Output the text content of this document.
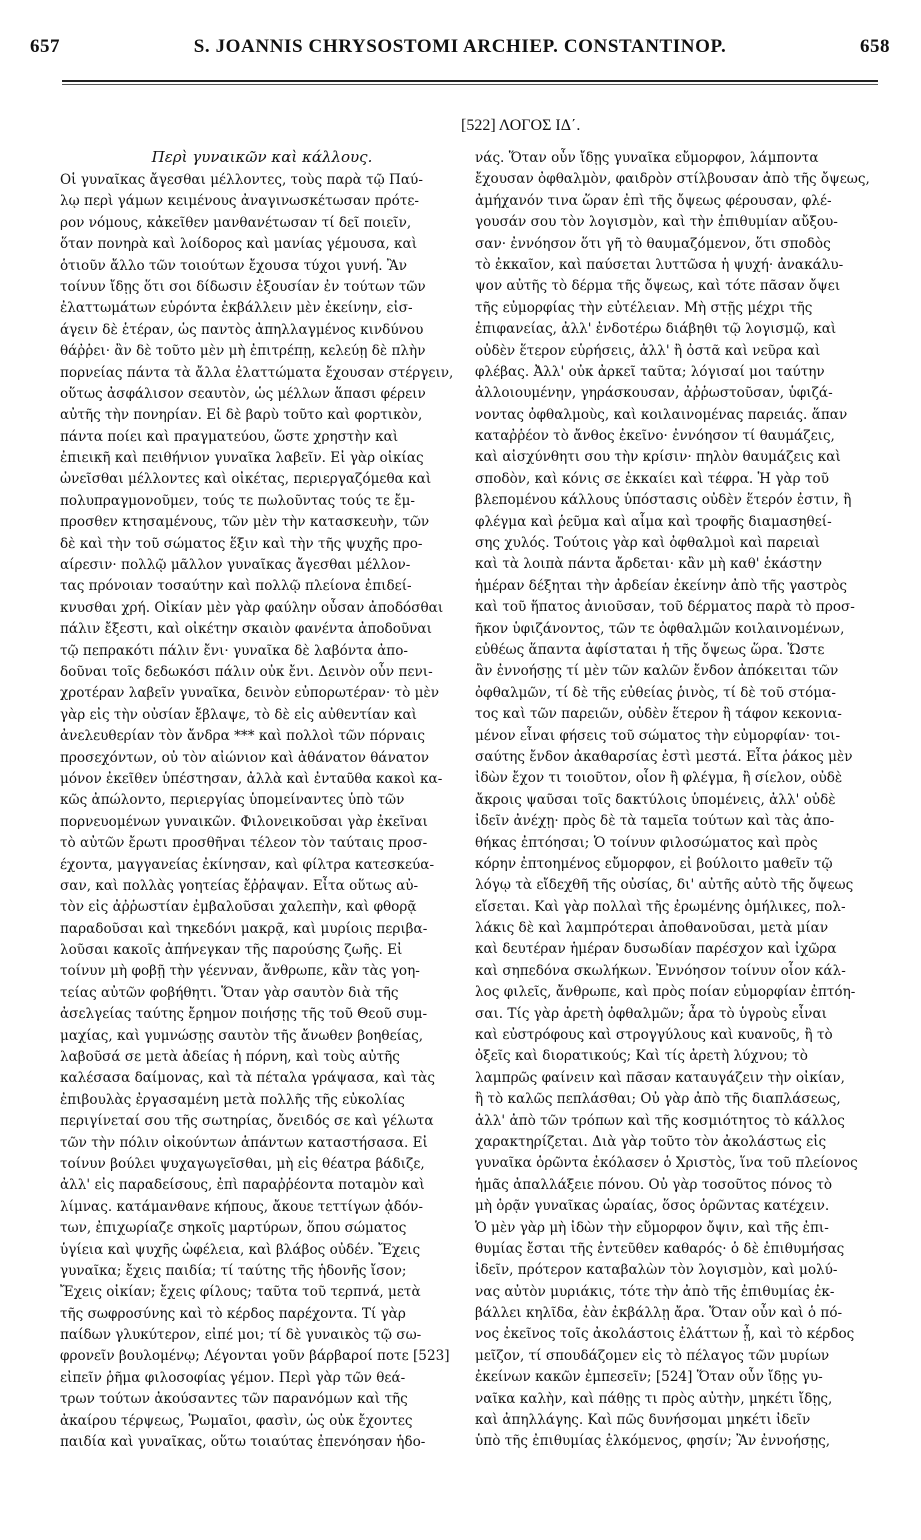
657	S. JOANNIS CHRYSOSTOMI ARCHIEP. CONSTANTINOP.	658
[522] ΛΟΓΟΣ ΙΔ΄.
Περὶ γυναικῶν καὶ κάλλους.
Οἱ γυναῖκας ἄγεσθαι μέλλοντες, τοὺς παρὰ τῷ Παύ-
λῳ περὶ γάμων κειμένους ἀναγινωσκέτωσαν πρότε-
ρον νόμους, κἀκεῖθεν μανθανέτωσαν τί δεῖ ποιεῖν,
ὅταν πονηρὰ καὶ λοίδορος καὶ μανίας γέμουσα, καὶ
ὁτιοῦν ἄλλο τῶν τοιούτων ἔχουσα τύχοι γυνή. Ἂν
τοίνυν ἴδῃς ὅτι σοι δίδωσιν ἐξουσίαν ἐν τούτων τῶν
ἐλαττωμάτων εὑρόντα ἐκβάλλειν μὲν ἐκείνην, εἰσ-
άγειν δὲ ἑτέραν, ὡς παντὸς ἀπηλλαγμένος κινδύνου
θάῤῥει· ἂν δὲ τοῦτο μὲν μὴ ἐπιτρέπῃ, κελεύῃ δὲ πλὴν
πορνείας πάντα τὰ ἄλλα ἐλαττώματα ἔχουσαν στέργειν,
οὕτως ἀσφάλισον σεαυτὸν, ὡς μέλλων ἅπασι φέρειν
αὐτῆς τὴν πονηρίαν. Εἰ δὲ βαρὺ τοῦτο καὶ φορτικὸν,
πάντα ποίει καὶ πραγματεύου, ὥστε χρηστὴν καὶ
ἐπιεικῆ καὶ πειθήνιον γυναῖκα λαβεῖν. Εἰ γὰρ οἰκίας
ὠνεῖσθαι μέλλοντες καὶ οἰκέτας, περιεργαζόμεθα καὶ
πολυπραγμονοῦμεν, τούς τε πωλοῦντας τούς τε ἔμ-
προσθεν κτησαμένους, τῶν μὲν τὴν κατασκευὴν, τῶν
δὲ καὶ τὴν τοῦ σώματος ἕξιν καὶ τὴν τῆς ψυχῆς προ-
αίρεσιν· πολλῷ μᾶλλον γυναῖκας ἄγεσθαι μέλλον-
τας πρόνοιαν τοσαύτην καὶ πολλῷ πλείονα ἐπιδεί-
κνυσθαι χρή. Οἰκίαν μὲν γὰρ φαύλην οὖσαν ἀποδόσθαι
πάλιν ἔξεστι, καὶ οἰκέτην σκαιὸν φανέντα ἀποδοῦναι
τῷ πεπρακότι πάλιν ἔνι· γυναῖκα δὲ λαβόντα ἀπο-
δοῦναι τοῖς δεδωκόσι πάλιν οὐκ ἔνι. Δεινὸν οὖν πενι-
χροτέραν λαβεῖν γυναῖκα, δεινὸν εὐπορωτέραν· τὸ μὲν
γὰρ εἰς τὴν οὐσίαν ἔβλαψε, τὸ δὲ εἰς αὐθεντίαν καὶ
ἀνελευθερίαν τὸν ἄνδρα *** καὶ πολλοὶ τῶν πόρναις
προσεχόντων, οὐ τὸν αἰώνιον καὶ ἀθάνατον θάνατον
μόνον ἐκεῖθεν ὑπέστησαν, ἀλλὰ καὶ ἐνταῦθα κακοὶ κα-
κῶς ἀπώλοντο, περιεργίας ὑπομείναντες ὑπὸ τῶν
πορνευομένων γυναικῶν. Φιλονεικοῦσαι γὰρ ἐκεῖναι
τὸ αὐτῶν ἔρωτι προσθῆναι τέλεον τὸν ταύταις προσ-
έχοντα, μαγγανείας ἐκίνησαν, καὶ φίλτρα κατεσκεύα-
σαν, καὶ πολλὰς γοητείας ἔῤῥαψαν. Εἶτα οὕτως αὐ-
τὸν εἰς ἀῤῥωστίαν ἐμβαλοῦσαι χαλεπὴν, καὶ φθορᾷ
παραδοῦσαι καὶ τηκεδόνι μακρᾷ, καὶ μυρίοις περιβα-
λοῦσαι κακοῖς ἀπήνεγκαν τῆς παρούσης ζωῆς. Εἰ
τοίνυν μὴ φοβῇ τὴν γέενναν, ἄνθρωπε, κἂν τὰς γοη-
τείας αὐτῶν φοβήθητι. Ὅταν γὰρ σαυτὸν διὰ τῆς
ἀσελγείας ταύτης ἔρημον ποιήσῃς τῆς τοῦ Θεοῦ συμ-
μαχίας, καὶ γυμνώσῃς σαυτὸν τῆς ἄνωθεν βοηθείας,
λαβοῦσά σε μετὰ ἀδείας ἡ πόρνη, καὶ τοὺς αὐτῆς
καλέσασα δαίμονας, καὶ τὰ πέταλα γράψασα, καὶ τὰς
ἐπιβουλὰς ἐργασαμένη μετὰ πολλῆς τῆς εὐκολίας
περιγίνεταί σου τῆς σωτηρίας, ὄνειδός σε καὶ γέλωτα
τῶν τὴν πόλιν οἰκούντων ἁπάντων καταστήσασα. Εἰ
τοίνυν βούλει ψυχαγωγεῖσθαι, μὴ εἰς θέατρα βάδιζε,
ἀλλ' εἰς παραδείσους, ἐπὶ παραῤῥέοντα ποταμὸν καὶ
λίμνας. κατάμανθανε κήπους, ἄκουε τεττίγων ᾀδόν-
των, ἐπιχωρίαζε σηκοῖς μαρτύρων, ὅπου σώματος
ὑγίεια καὶ ψυχῆς ὠφέλεια, καὶ βλάβος οὐδέν. Ἔχεις
γυναῖκα; ἔχεις παιδία; τί ταύτης τῆς ἡδονῆς ἴσον;
Ἔχεις οἰκίαν; ἔχεις φίλους; ταῦτα τοῦ τερπνά, μετὰ
τῆς σωφροσύνης καὶ τὸ κέρδος παρέχοντα. Τί γὰρ
παίδων γλυκύτερον, εἰπέ μοι; τί δὲ γυναικὸς τῷ σω-
φρονεῖν βουλομένῳ; Λέγονται γοῦν βάρβαροί ποτε [523]
εἰπεῖν ῥῆμα φιλοσοφίας γέμον. Περὶ γὰρ τῶν θεά-
τρων τούτων ἀκούσαντες τῶν παρανόμων καὶ τῆς
ἀκαίρου τέρψεως, Ῥωμαῖοι, φασὶν, ὡς οὐκ ἔχοντες
παιδία καὶ γυναῖκας, οὕτω τοιαύτας ἐπενόησαν ἡδο-
νάς. Ὅταν οὖν ἴδῃς γυναῖκα εὔμορφον, λάμποντα
ἔχουσαν ὀφθαλμὸν, φαιδρὸν στίλβουσαν ἀπὸ τῆς ὄψεως,
ἀμήχανόν τινα ὥραν ἐπὶ τῆς ὄψεως φέρουσαν, φλέ-
γουσάν σου τὸν λογισμὸν, καὶ τὴν ἐπιθυμίαν αὔξου-
σαν· ἐννόησον ὅτι γῆ τὸ θαυμαζόμενον, ὅτι σποδὸς
τὸ ἐκκαῖον, καὶ παύσεται λυττῶσα ἡ ψυχή· ἀνακάλυ-
ψον αὐτῆς τὸ δέρμα τῆς ὄψεως, καὶ τότε πᾶσαν ὄψει
τῆς εὐμορφίας τὴν εὐτέλειαν. Μὴ στῇς μέχρι τῆς
ἐπιφανείας, ἀλλ' ἐνδοτέρω διάβηθι τῷ λογισμῷ, καὶ
οὐδὲν ἕτερον εὑρήσεις, ἀλλ' ἢ ὀστᾶ καὶ νεῦρα καὶ
φλέβας. Ἀλλ' οὐκ ἀρκεῖ ταῦτα; λόγισαί μοι ταύτην
ἀλλοιουμένην, γηράσκουσαν, ἀῤῥωστοῦσαν, ὑφιζά-
νοντας ὀφθαλμοὺς, καὶ κοιλαινομένας παρειάς. ἅπαν
καταῤῥέον τὸ ἄνθος ἐκεῖνο· ἐννόησον τί θαυμάζεις,
καὶ αἰσχύνθητι σου τὴν κρίσιν· πηλὸν θαυμάζεις καὶ
σποδὸν, καὶ κόνις σε ἐκκαίει καὶ τέφρα. Ἡ γὰρ τοῦ
βλεπομένου κάλλους ὑπόστασις οὐδὲν ἕτερόν ἐστιν, ἢ
φλέγμα καὶ ῥεῦμα καὶ αἷμα καὶ τροφῆς διαμασηθεί-
σης χυλός. Τούτοις γὰρ καὶ ὀφθαλμοὶ καὶ παρειαὶ
καὶ τὰ λοιπὰ πάντα ἄρδεται· κἂν μὴ καθ' ἑκάστην
ἡμέραν δέξηται τὴν ἀρδείαν ἐκείνην ἀπὸ τῆς γαστρὸς
καὶ τοῦ ἥπατος ἀνιοῦσαν, τοῦ δέρματος παρὰ τὸ προσ-
ῆκον ὑφιζάνοντος, τῶν τε ὀφθαλμῶν κοιλαινομένων,
εὐθέως ἅπαντα ἀφίσταται ἡ τῆς ὄψεως ὥρα. Ὥστε
ἂν ἐννοήσῃς τί μὲν τῶν καλῶν ἔνδον ἀπόκειται τῶν
ὀφθαλμῶν, τί δὲ τῆς εὐθείας ῥινὸς, τί δὲ τοῦ στόμα-
τος καὶ τῶν παρειῶν, οὐδὲν ἕτερον ἢ τάφον κεκονια-
μένον εἶναι φήσεις τοῦ σώματος τὴν εὐμορφίαν· τοι-
σαύτης ἔνδον ἀκαθαρσίας ἐστὶ μεστά. Εἶτα ῥάκος μὲν
ἰδὼν ἔχον τι τοιοῦτον, οἷον ἢ φλέγμα, ἢ σίελον, οὐδὲ
ἄκροις ψαῦσαι τοῖς δακτύλοις ὑπομένεις, ἀλλ' οὐδὲ
ἰδεῖν ἀνέχῃ· πρὸς δὲ τὰ ταμεῖα τούτων καὶ τὰς ἀπο-
θήκας ἐπτόησαι; Ὁ τοίνυν φιλοσώματος καὶ πρὸς
κόρην ἐπτοημένος εὔμορφον, εἰ βούλοιτο μαθεῖν τῷ
λόγῳ τὰ εἴδεχθῆ τῆς οὐσίας, δι' αὐτῆς αὐτὸ τῆς ὄψεως
εἴσεται. Καὶ γὰρ πολλαὶ τῆς ἐρωμένης ὁμήλικες, πολ-
λάκις δὲ καὶ λαμπρότεραι ἀποθανοῦσαι, μετὰ μίαν
καὶ δευτέραν ἡμέραν δυσωδίαν παρέσχον καὶ ἰχῶρα
καὶ σηπεδόνα σκωλήκων. Ἐννόησον τοίνυν οἷον κάλ-
λος φιλεῖς, ἄνθρωπε, καὶ πρὸς ποίαν εὐμορφίαν ἐπτόη-
σαι. Τίς γὰρ ἀρετὴ ὀφθαλμῶν; ἆρα τὸ ὑγροὺς εἶναι
καὶ εὐστρόφους καὶ στρογγύλους καὶ κυανοῦς, ἢ τὸ
ὀξεῖς καὶ διορατικούς; Καὶ τίς ἀρετὴ λύχνου; τὸ
λαμπρῶς φαίνειν καὶ πᾶσαν καταυγάζειν τὴν οἰκίαν,
ἢ τὸ καλῶς πεπλάσθαι; Οὐ γὰρ ἀπὸ τῆς διαπλάσεως,
ἀλλ' ἀπὸ τῶν τρόπων καὶ τῆς κοσμιότητος τὸ κάλλος
χαρακτηρίζεται. Διὰ γὰρ τοῦτο τὸν ἀκολάστως εἰς
γυναῖκα ὁρῶντα ἐκόλασεν ὁ Χριστὸς, ἵνα τοῦ πλείονος
ἡμᾶς ἀπαλλάξειε πόνου. Οὐ γὰρ τοσοῦτος πόνος τὸ
μὴ ὁρᾷν γυναῖκας ὡραίας, ὅσος ὁρῶντας κατέχειν.
Ὁ μὲν γὰρ μὴ ἰδὼν τὴν εὔμορφον ὄψιν, καὶ τῆς ἐπι-
θυμίας ἔσται τῆς ἐντεῦθεν καθαρός· ὁ δὲ ἐπιθυμήσας
ἰδεῖν, πρότερον καταβαλὼν τὸν λογισμὸν, καὶ μολύ-
νας αὐτὸν μυριάκις, τότε τὴν ἀπὸ τῆς ἐπιθυμίας ἐκ-
βάλλει κηλῖδα, ἐὰν ἐκβάλλῃ ἄρα. Ὅταν οὖν καὶ ὁ πό-
νος ἐκεῖνος τοῖς ἀκολάστοις ἐλάττων ᾖ, καὶ τὸ κέρδος
μεῖζον, τί σπουδάζομεν εἰς τὸ πέλαγος τῶν μυρίων
ἐκείνων κακῶν ἐμπεσεῖν; [524] Ὅταν οὖν ἴδῃς γυ-
ναῖκα καλὴν, καὶ πάθῃς τι πρὸς αὐτὴν, μηκέτι ἴδῃς,
καὶ ἀπηλλάγης. Καὶ πῶς δυνήσομαι μηκέτι ἰδεῖν
ὑπὸ τῆς ἐπιθυμίας ἑλκόμενος, φησίν; Ἂν ἐννοήσῃς,
